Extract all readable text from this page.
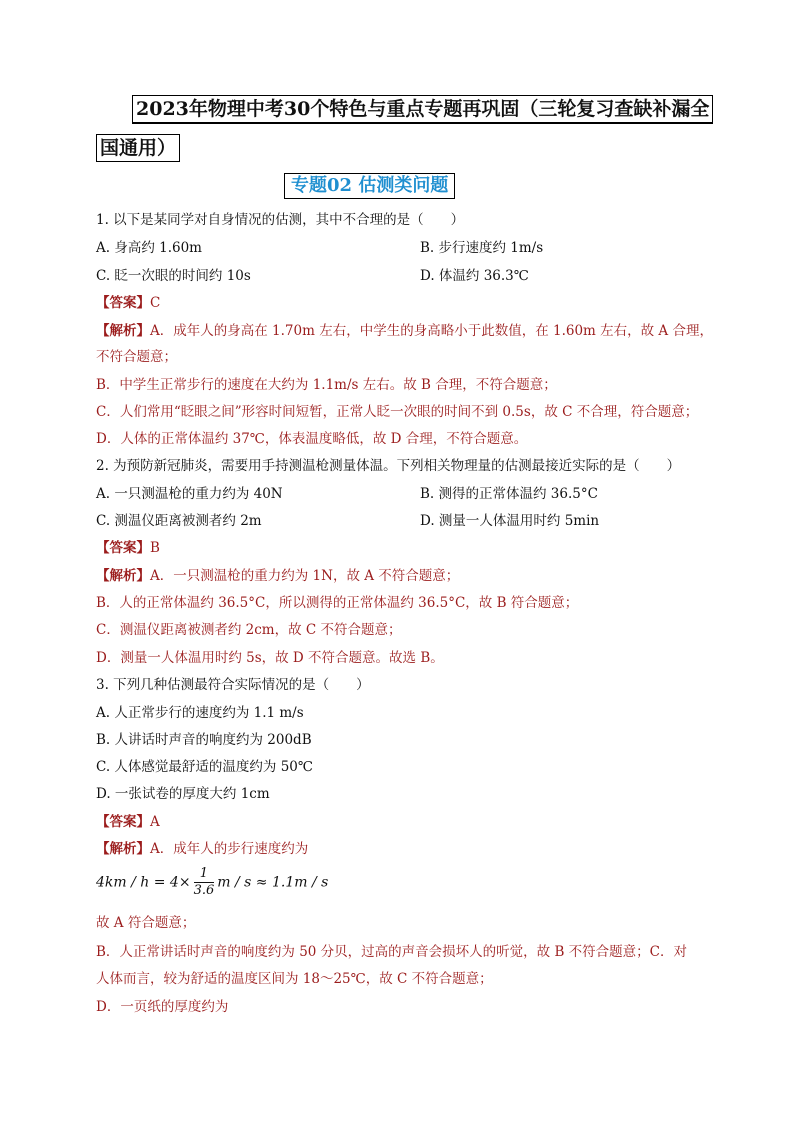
2023年物理中考30个特色与重点专题再巩固（三轮复习查缺补漏全
国通用）
专题02 估测类问题
1. 以下是某同学对自身情况的估测，其中不合理的是（　　）
A. 身高约 1.60m	B. 步行速度约 1m/s
C. 眨一次眼的时间约 10s	D. 体温约 36.3℃
【答案】C
【解析】A．成年人的身高在 1.70m 左右，中学生的身高略小于此数值，在 1.60m 左右，故 A 合理，
不符合题意；
B．中学生正常步行的速度在大约为 1.1m/s 左右。故 B 合理，不符合题意；
C．人们常用“眨眼之间”形容时间短暂，正常人眨一次眼的时间不到 0.5s，故 C 不合理，符合题意；
D．人体的正常体温约 37℃，体表温度略低，故 D 合理，不符合题意。
2. 为预防新冠肺炎，需要用手持测温枪测量体温。下列相关物理量的估测最接近实际的是（　　）
A. 一只测温枪的重力约为 40N	B. 测得的正常体温约 36.5°C
C. 测温仪距离被测者约 2m	D. 测量一人体温用时约 5min
【答案】B
【解析】A．一只测温枪的重力约为 1N，故 A 不符合题意；
B．人的正常体温约 36.5°C，所以测得的正常体温约 36.5°C，故 B 符合题意；
C．测温仪距离被测者约 2cm，故 C 不符合题意；
D．测量一人体温用时约 5s，故 D 不符合题意。故选 B。
3. 下列几种估测最符合实际情况的是（　　）
A. 人正常步行的速度约为 1.1 m/s
B. 人讲话时声音的响度约为 200dB
C. 人体感觉最舒适的温度约为 50℃
D. 一张试卷的厚度大约 1cm
【答案】A
【解析】A．成年人的步行速度约为
$4km / h = 4\times \frac{1}{3.6}$ m / s ≈ 1.1m / s
故 A 符合题意；
B．人正常讲话时声音的响度约为 50 分贝，过高的声音会损坏人的听觉，故 B 不符合题意；C．对
人体而言，较为舒适的温度区间为 18～25℃，故 C 不符合题意；
D．一页纸的厚度约为
